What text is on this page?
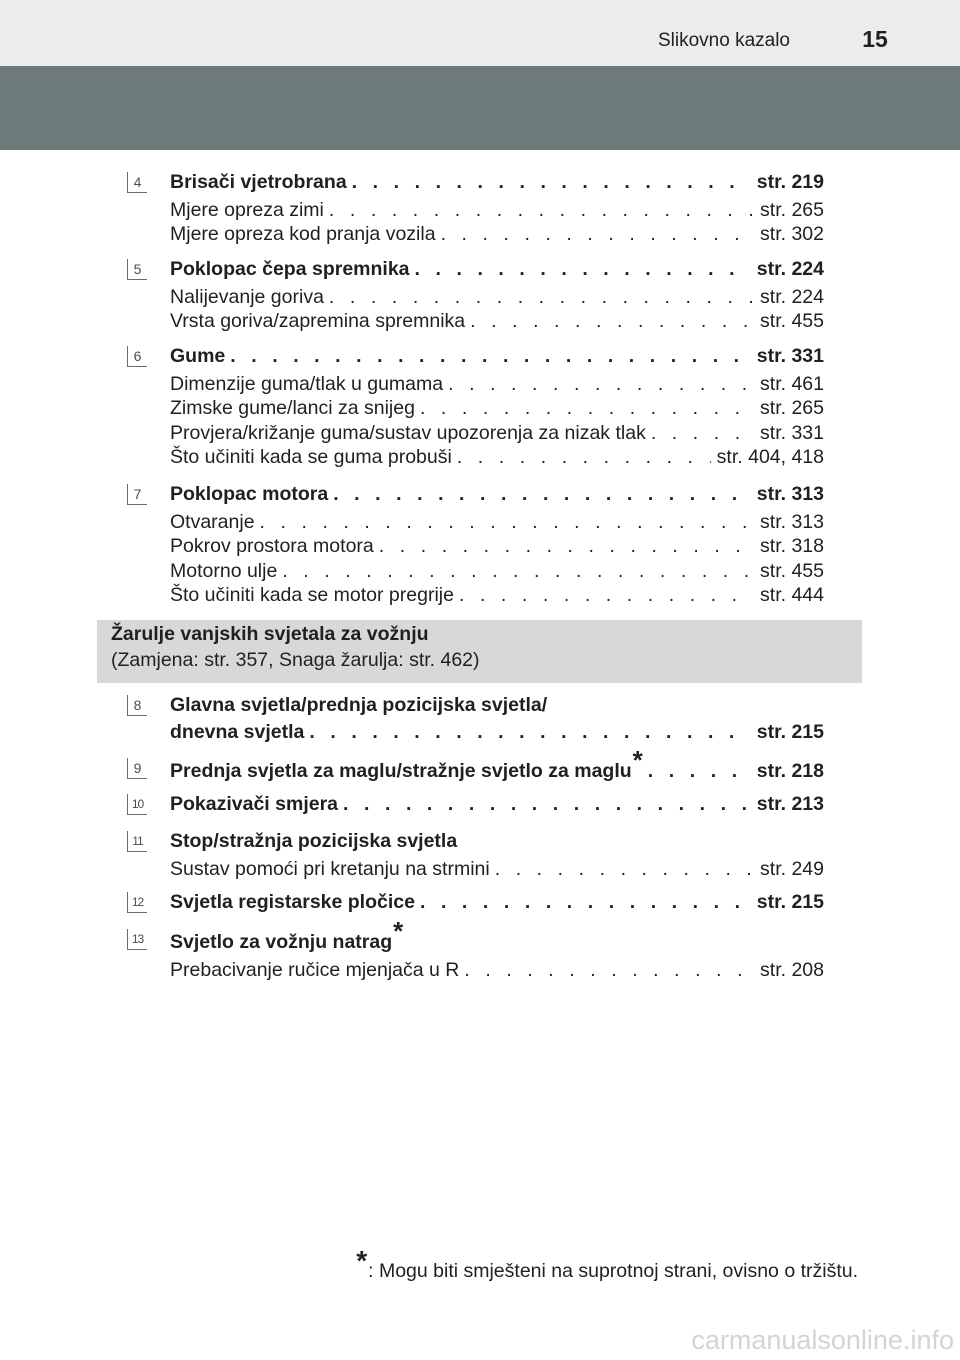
Slikovno kazalo	15
4 Brisači vjetrobrana . . .	str. 219
Mjere opreza zimi . . .	str. 265
Mjere opreza kod pranja vozila . . .	str. 302
5 Poklopac čepa spremnika . . .	str. 224
Nalijevanje goriva . . .	str. 224
Vrsta goriva/zapremina spremnika . . .	str. 455
6 Gume . . .	str. 331
Dimenzije guma/tlak u gumama . . .	str. 461
Zimske gume/lanci za snijeg . . .	str. 265
Provjera/križanje guma/sustav upozorenja za nizak tlak . . .	str. 331
Što učiniti kada se guma probuši . . .	str. 404, 418
7 Poklopac motora . . .	str. 313
Otvaranje . . .	str. 313
Pokrov prostora motora . . .	str. 318
Motorno ulje . . .	str. 455
Što učiniti kada se motor pregrije . . .	str. 444
Žarulje vanjskih svjetala za vožnju
(Zamjena: str. 357, Snaga žarulja: str. 462)
8 Glavna svjetla/prednja pozicijska svjetla/
dnevna svjetla . . .	str. 215
9 Prednja svjetla za maglu/stražnje svjetlo za maglu * . . .	str. 218
10 Pokazivači smjera . . .	str. 213
11 Stop/stražnja pozicijska svjetla
Sustav pomoći pri kretanju na strmini . . .	str. 249
12 Svjetla registarske pločice . . .	str. 215
13 Svjetlo za vožnju natrag *
Prebacivanje ručice mjenjača u R . . .	str. 208
*: Mogu biti smješteni na suprotnoj strani, ovisno o tržištu.
carmanualsonline.info
